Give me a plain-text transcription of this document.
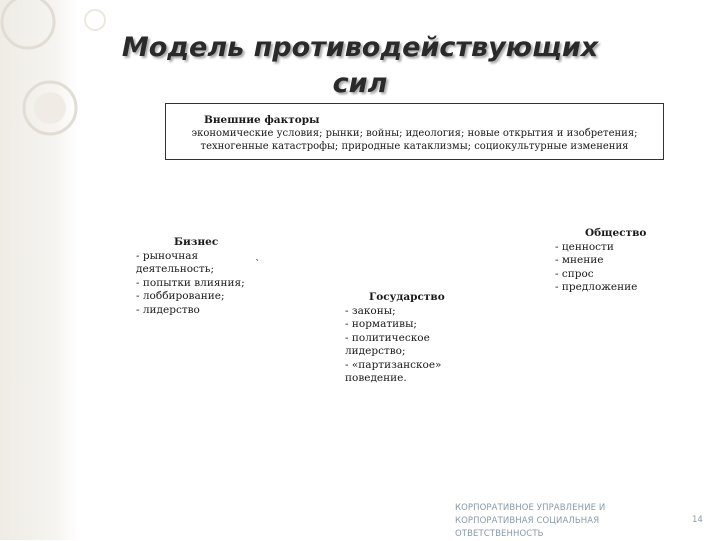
Модель противодействующих
сил
Внешние факторы
экономические условия; рынки; войны; идеология; новые открытия и изобретения;
техногенные катастрофы; природные катаклизмы; социокультурные изменения
Бизнес
- рыночная
деятельность;
- попытки влияния;
- лоббирование;
- лидерство
`
Государство
- законы;
- нормативы;
- политическое
лидерство;
- «партизанское»
поведение.
Общество
- ценности
- мнение
- спрос
- предложение
КОРПОРАТИВНОЕ УПРАВЛЕНИЕ И
КОРПОРАТИВНАЯ СОЦИАЛЬНАЯ
ОТВЕТСТВЕННОСТЬ
14
